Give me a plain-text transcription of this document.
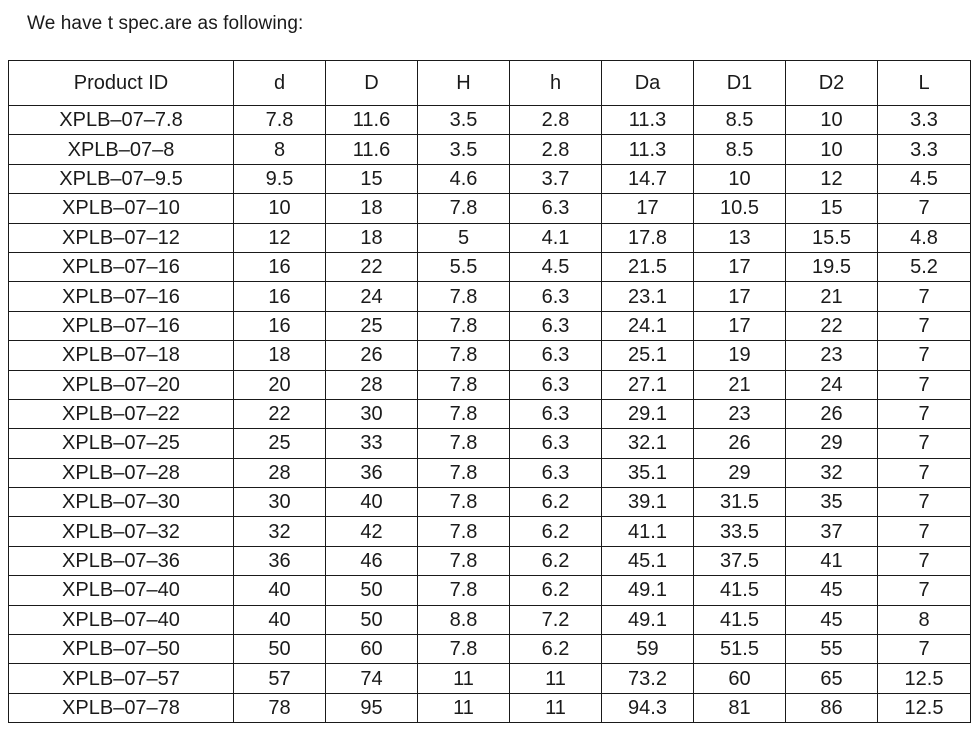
We have t spec.are as following:
Product ID	d	D	H	h	Da	D1	D2	L
XPLB–07–7.8	7.8	11.6	3.5	2.8	11.3	8.5	10	3.3
XPLB–07–8	8	11.6	3.5	2.8	11.3	8.5	10	3.3
XPLB–07–9.5	9.5	15	4.6	3.7	14.7	10	12	4.5
XPLB–07–10	10	18	7.8	6.3	17	10.5	15	7
XPLB–07–12	12	18	5	4.1	17.8	13	15.5	4.8
XPLB–07–16	16	22	5.5	4.5	21.5	17	19.5	5.2
XPLB–07–16	16	24	7.8	6.3	23.1	17	21	7
XPLB–07–16	16	25	7.8	6.3	24.1	17	22	7
XPLB–07–18	18	26	7.8	6.3	25.1	19	23	7
XPLB–07–20	20	28	7.8	6.3	27.1	21	24	7
XPLB–07–22	22	30	7.8	6.3	29.1	23	26	7
XPLB–07–25	25	33	7.8	6.3	32.1	26	29	7
XPLB–07–28	28	36	7.8	6.3	35.1	29	32	7
XPLB–07–30	30	40	7.8	6.2	39.1	31.5	35	7
XPLB–07–32	32	42	7.8	6.2	41.1	33.5	37	7
XPLB–07–36	36	46	7.8	6.2	45.1	37.5	41	7
XPLB–07–40	40	50	7.8	6.2	49.1	41.5	45	7
XPLB–07–40	40	50	8.8	7.2	49.1	41.5	45	8
XPLB–07–50	50	60	7.8	6.2	59	51.5	55	7
XPLB–07–57	57	74	11	11	73.2	60	65	12.5
XPLB–07–78	78	95	11	11	94.3	81	86	12.5
